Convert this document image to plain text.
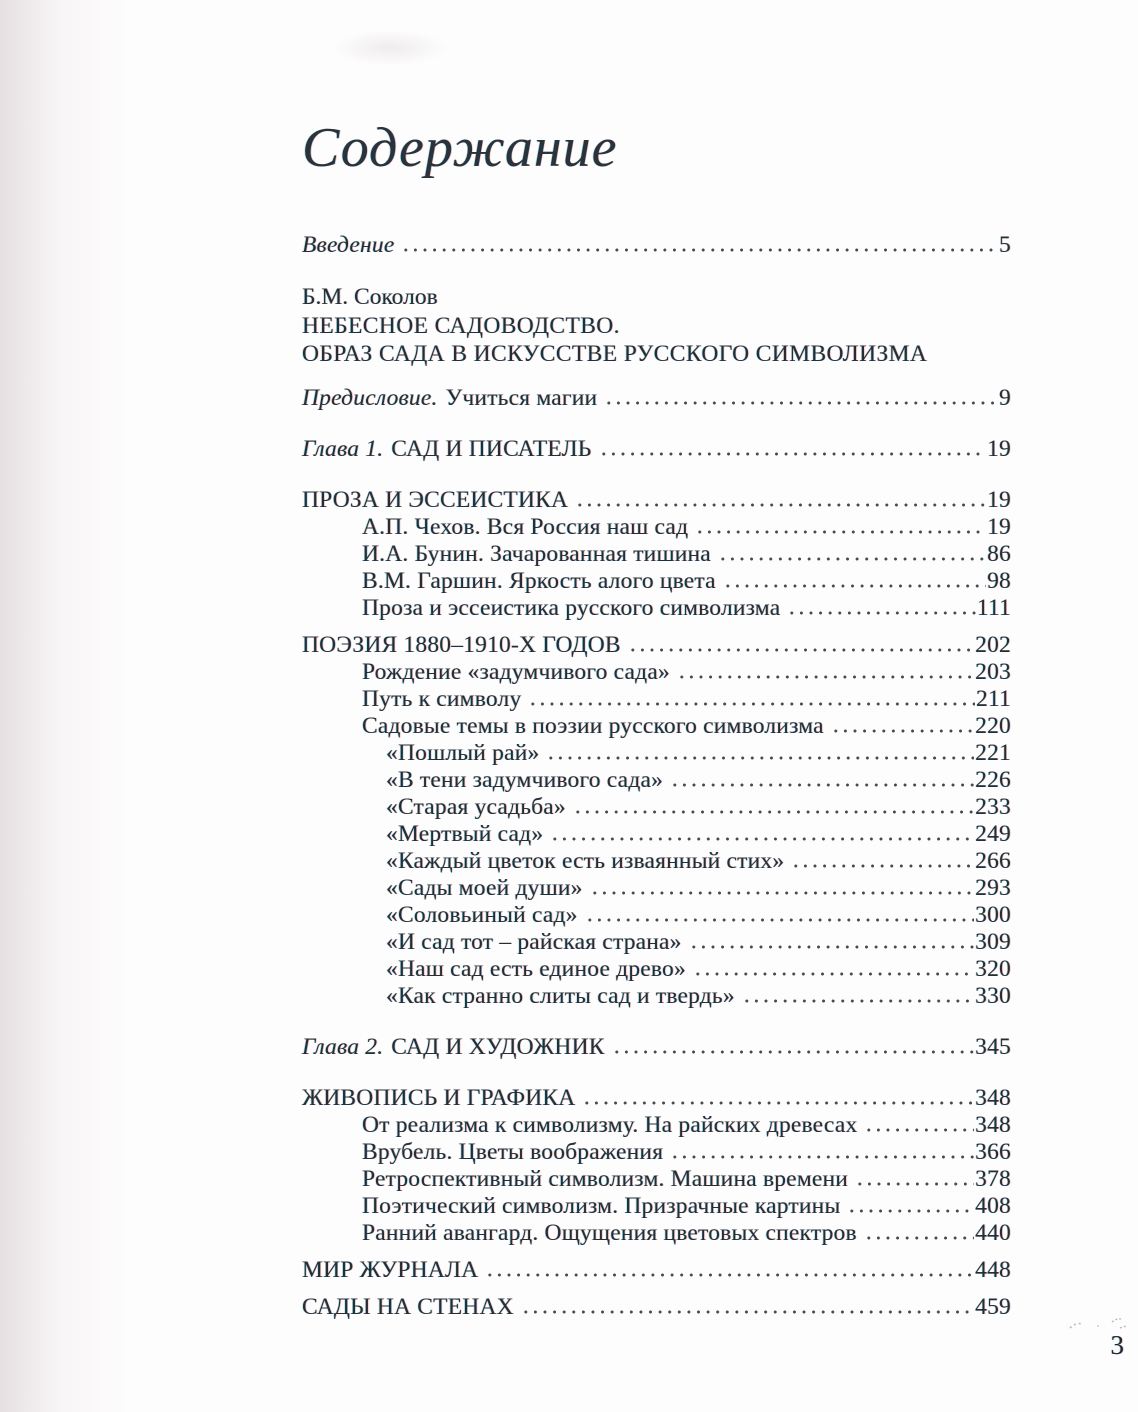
Содержание
Введение	5
Б.М. Соколов
НЕБЕСНОЕ САДОВОДСТВО.
ОБРАЗ САДА В ИСКУССТВЕ РУССКОГО СИМВОЛИЗМА
Предисловие. Учиться магии	9
Глава 1. САД И ПИСАТЕЛЬ	19
ПРОЗА И ЭССЕИСТИКА	19
А.П. Чехов. Вся Россия наш сад	19
И.А. Бунин. Зачарованная тишина	86
В.М. Гаршин. Яркость алого цвета	98
Проза и эссеистика русского символизма	111
ПОЭЗИЯ 1880–1910-Х ГОДОВ	202
Рождение «задумчивого сада»	203
Путь к символу	211
Садовые темы в поэзии русского символизма	220
«Пошлый рай»	221
«В тени задумчивого сада»	226
«Старая усадьба»	233
«Мертвый сад»	249
«Каждый цветок есть изваянный стих»	266
«Сады моей души»	293
«Соловьиный сад»	300
«И сад тот – райская страна»	309
«Наш сад есть единое древо»	320
«Как странно слиты сад и твердь»	330
Глава 2. САД И ХУДОЖНИК	345
ЖИВОПИСЬ И ГРАФИКА	348
От реализма к символизму. На райских древесах	348
Врубель. Цветы воображения	366
Ретроспективный символизм. Машина времени	378
Поэтический символизм. Призрачные картины	408
Ранний авангард. Ощущения цветовых спектров	440
МИР ЖУРНАЛА	448
САДЫ НА СТЕНАХ	459
3
